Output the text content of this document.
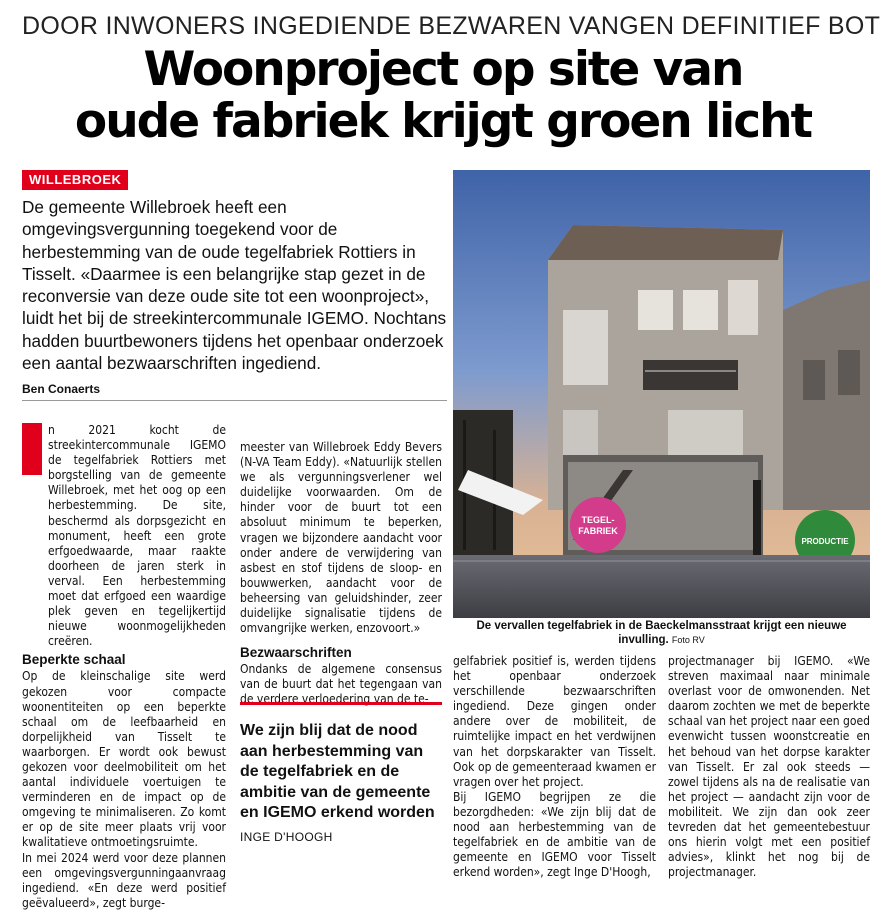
DOOR INWONERS INGEDIENDE BEZWAREN VANGEN DEFINITIEF BOT
Woonproject op site van
oude fabriek krijgt groen licht
WILLEBROEK

De gemeente Willebroek heeft een omgevingsvergunning toegekend voor de herbestemming van de oude tegelfabriek Rottiers in Tisselt. «Daarmee is een belangrijke stap gezet in de reconversie van deze oude site tot een woonproject», luidt het bij de streekintercommunale IGEMO. Nochtans hadden buurtbewoners tijdens het openbaar onderzoek een aantal bezwaarschriften ingediend.

Ben Conaerts

n 2021 kocht de streekintercommunale IGEMO de tegelfabriek Rottiers met borgstelling van de gemeente Willebroek, met het oog op een herbestemming. De site, beschermd als dorpsgezicht en monument, heeft een grote erfgoedwaarde, maar raakte doorheen de jaren sterk in verval. Een herbestemming moet dat erfgoed een waardige plek geven en tegelijkertijd nieuwe woonmogelijkheden creëren.

Beperkte schaal

Op de kleinschalige site werd gekozen voor compacte woonentiteiten op een beperkte schaal om de leefbaarheid en dorpelijkheid van Tisselt te waarborgen. Er wordt ook bewust gekozen voor deelmobiliteit om het aantal individuele voertuigen te verminderen en de impact op de omgeving te minimaliseren. Zo komt er op de site meer plaats vrij voor kwalitatieve ontmoetingsruimte.

In mei 2024 werd voor deze plannen een omgevingsvergunningaanvraag ingediend. «En deze werd positief geëvalueerd», zegt burge-

meester van Willebroek Eddy Bevers (N-VA Team Eddy). «Natuurlijk stellen we als vergunningsverlener wel duidelijke voorwaarden. Om de hinder voor de buurt tot een absoluut minimum te beperken, vragen we bijzondere aandacht voor onder andere de verwijdering van asbest en stof tijdens de sloop- en bouwwerken, aandacht voor de beheersing van geluidshinder, zeer duidelijke signalisatie tijdens de omvangrijke werken, enzovoort.»

Bezwaarschriften

Ondanks de algemene consensus van de buurt dat het tegengaan van de verdere verloedering van de te-

We zijn blij dat de nood aan herbestemming van de tegelfabriek en de ambitie van de gemeente en IGEMO erkend worden
INGE D'HOOGH
TEGEL-
FABRIEK
PRODUCTIE
De vervallen tegelfabriek in de Baeckelmansstraat krijgt een nieuwe invulling. Foto RV

gelfabriek positief is, werden tijdens het openbaar onderzoek verschillende bezwaarschriften ingediend. Deze gingen onder andere over de mobiliteit, de ruimtelijke impact en het verdwijnen van het dorpskarakter van Tisselt. Ook op de gemeenteraad kwamen er vragen over het project.

Bij IGEMO begrijpen ze die bezorgdheden: «We zijn blij dat de nood aan herbestemming van de tegelfabriek en de ambitie van de gemeente en IGEMO voor Tisselt erkend worden», zegt Inge D'Hoogh,

projectmanager bij IGEMO. «We streven maximaal naar minimale overlast voor de omwonenden. Net daarom zochten we met de beperkte schaal van het project naar een goed evenwicht tussen woonstcreatie en het behoud van het dorpse karakter van Tisselt. Er zal ook steeds — zowel tijdens als na de realisatie van het project — aandacht zijn voor de mobiliteit. We zijn dan ook zeer tevreden dat het gemeentebestuur ons hierin volgt met een positief advies», klinkt het nog bij de projectmanager.
